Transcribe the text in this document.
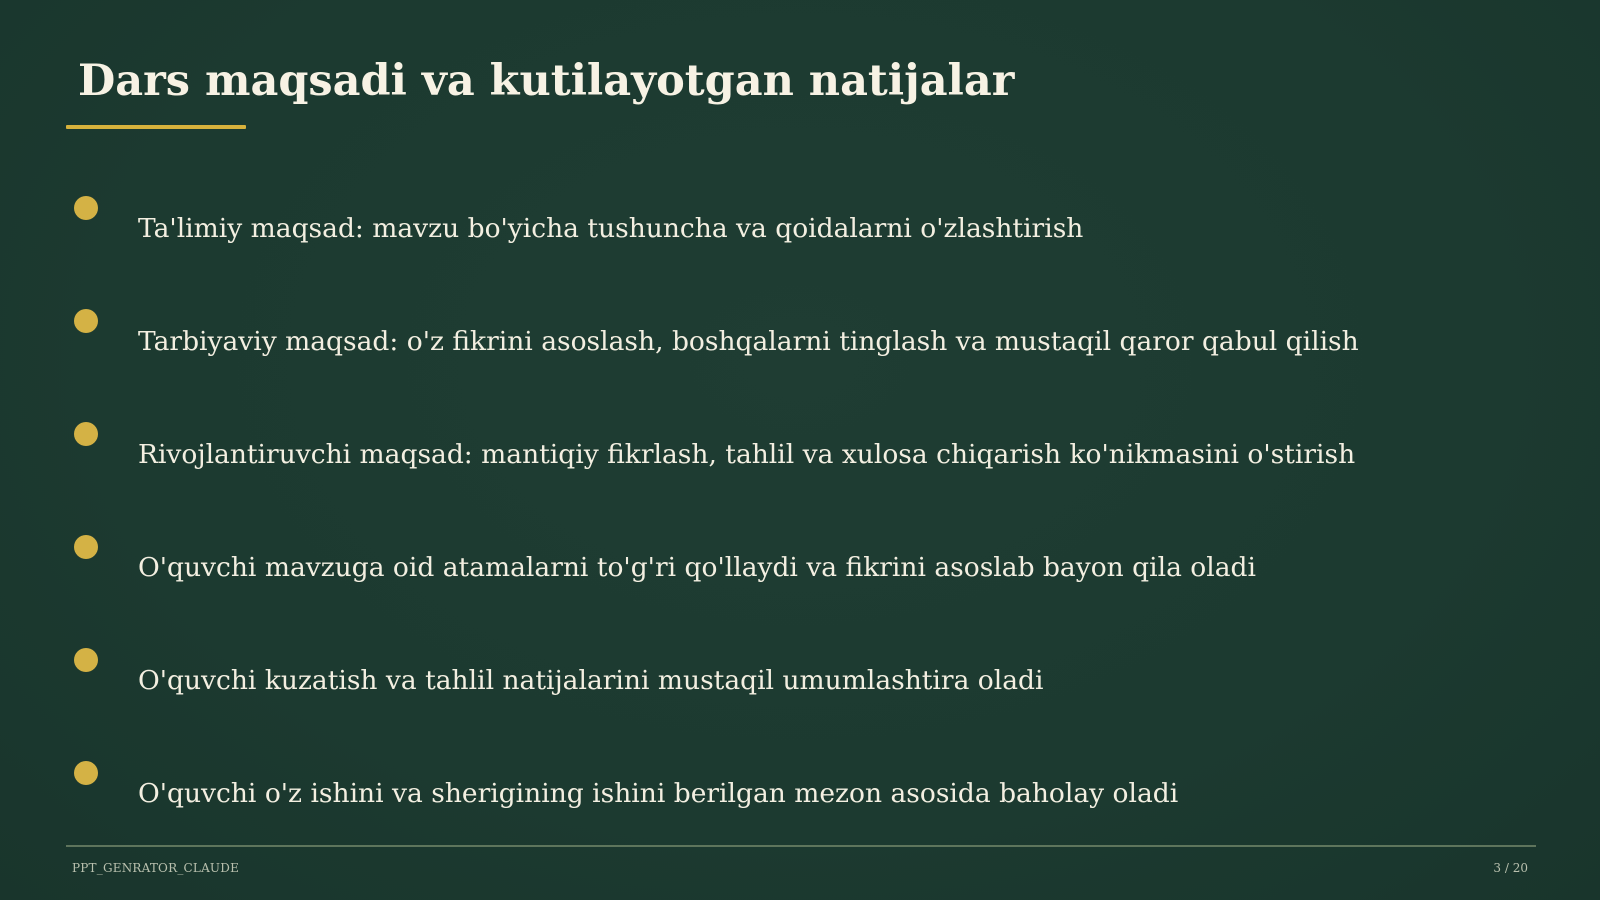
Dars maqsadi va kutilayotgan natijalar
Ta'limiy maqsad: mavzu bo'yicha tushuncha va qoidalarni o'zlashtirish
Tarbiyaviy maqsad: o'z fikrini asoslash, boshqalarni tinglash va mustaqil qaror qabul qilish
Rivojlantiruvchi maqsad: mantiqiy fikrlash, tahlil va xulosa chiqarish ko'nikmasini o'stirish
O'quvchi mavzuga oid atamalarni to'g'ri qo'llaydi va fikrini asoslab bayon qila oladi
O'quvchi kuzatish va tahlil natijalarini mustaqil umumlashtira oladi
O'quvchi o'z ishini va sherigining ishini berilgan mezon asosida baholay oladi
PPT_GENRATOR_CLAUDE	3 / 20
